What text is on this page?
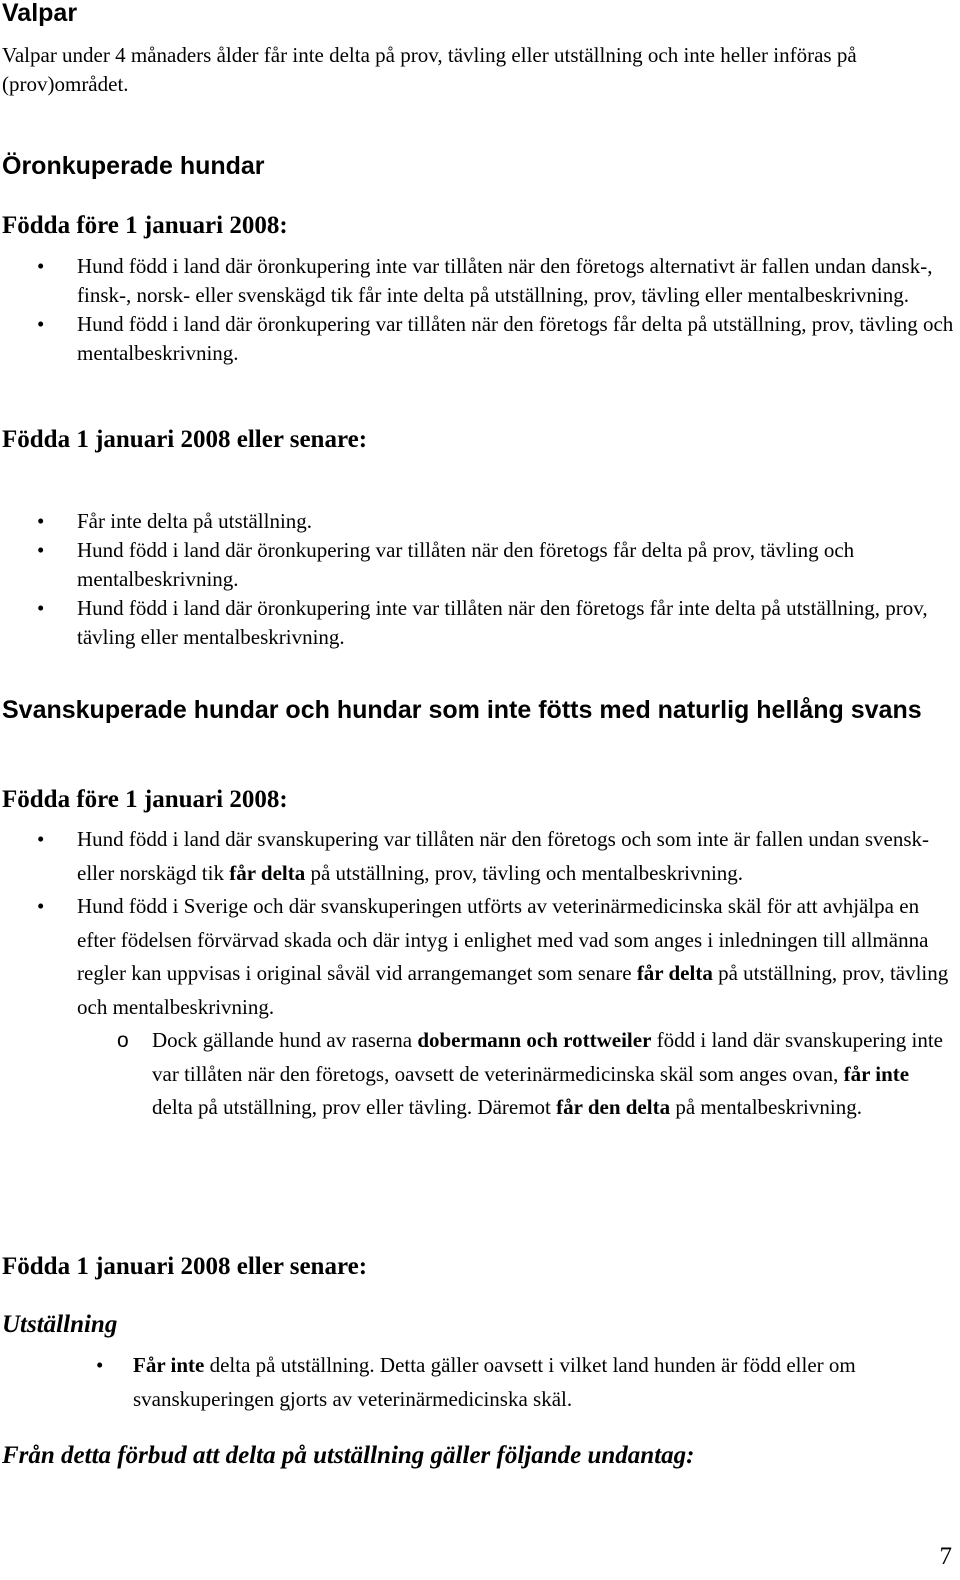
Valpar

Valpar under 4 månaders ålder får inte delta på prov, tävling eller utställning och inte heller införas på (prov)området.

Öronkuperade hundar
Födda före 1 januari 2008:
• Hund född i land där öronkupering inte var tillåten när den företogs alternativt är fallen undan dansk-, finsk-, norsk- eller svenskägd tik får inte delta på utställning, prov, tävling eller mentalbeskrivning.
• Hund född i land där öronkupering var tillåten när den företogs får delta på utställning, prov, tävling och mentalbeskrivning.
Födda 1 januari 2008 eller senare:
• Får inte delta på utställning.
• Hund född i land där öronkupering var tillåten när den företogs får delta på prov, tävling och mentalbeskrivning.
• Hund född i land där öronkupering inte var tillåten när den företogs får inte delta på utställning, prov, tävling eller mentalbeskrivning.
Svanskuperade hundar och hundar som inte fötts med naturlig hellång svans
Födda före 1 januari 2008:
• Hund född i land där svanskupering var tillåten när den företogs och som inte är fallen undan svensk- eller norskägd tik får delta på utställning, prov, tävling och mentalbeskrivning.
• Hund född i Sverige och där svanskuperingen utförts av veterinärmedicinska skäl för att avhjälpa en efter födelsen förvärvad skada och där intyg i enlighet med vad som anges i inledningen till allmänna regler kan uppvisas i original såväl vid arrangemanget som senare får delta på utställning, prov, tävling och mentalbeskrivning.
o Dock gällande hund av raserna dobermann och rottweiler född i land där svanskupering inte var tillåten när den företogs, oavsett de veterinärmedicinska skäl som anges ovan, får inte delta på utställning, prov eller tävling. Däremot får den delta på mentalbeskrivning.
Födda 1 januari 2008 eller senare:
Utställning
• Får inte delta på utställning. Detta gäller oavsett i vilket land hunden är född eller om svanskuperingen gjorts av veterinärmedicinska skäl.
Från detta förbud att delta på utställning gäller följande undantag:
7
